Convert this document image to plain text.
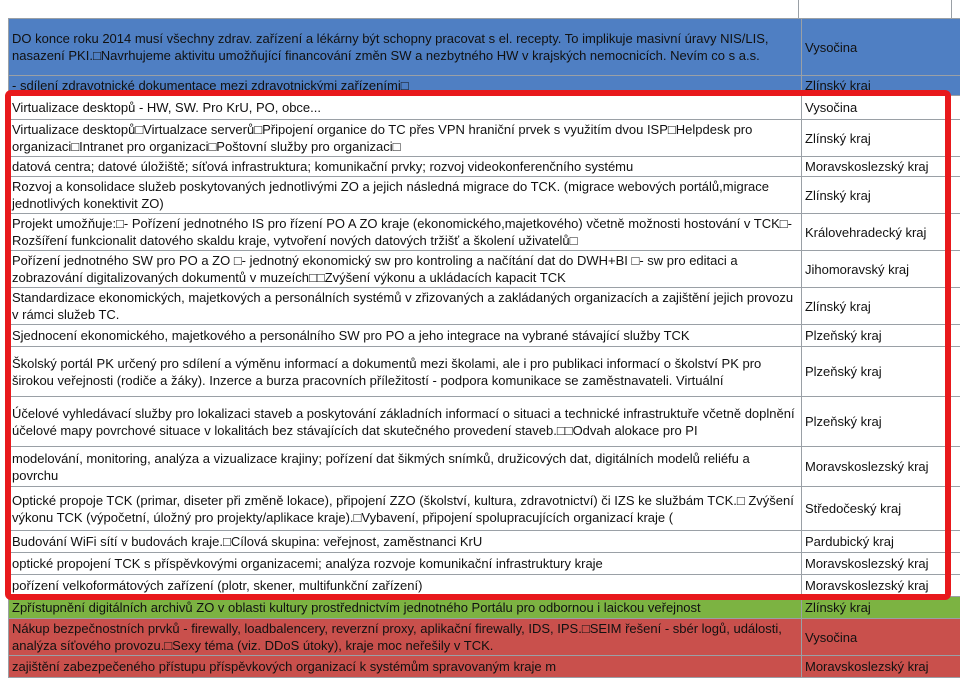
DO konce roku 2014 musí všechny zdrav. zařízení a lékárny být schopny pracovat s el. recepty. To implikuje masivní úravy NIS/LIS, nasazení PKI.□Navrhujeme aktivitu umožňující financování změn SW a nezbytného HW v krajských nemocnicích. Nevím co s a.s.	Vysočina
- sdílení zdravotnické dokumentace mezi zdravotnickými zařízeními□	Zlínský kraj
Virtualizace desktopů - HW, SW. Pro KrU, PO, obce...	Vysočina
Virtualizace desktopů□Virtualzace serverů□Připojení organice do TC přes VPN hraniční prvek s využitím dvou ISP□Helpdesk pro organizaci□Intranet pro organizaci□Poštovní služby pro organizaci□	Zlínský kraj
datová centra; datové úložiště; síťová infrastruktura; komunikační prvky; rozvoj videokonferenčního systému	Moravskoslezský kraj
Rozvoj a konsolidace služeb poskytovaných jednotlivými ZO a jejich následná migrace do TCK. (migrace webových portálů,migrace jednotlivých konektivit ZO)	Zlínský kraj
Projekt umožňuje:□- Pořízení jednotného IS pro řízení PO A ZO kraje (ekonomického,majetkového) včetně možnosti hostování v TCK□- Rozšíření funkcionalit datového skaldu kraje, vytvoření nových datových tržišť a školení uživatelů□	Královehradecký kraj
Pořízení jednotného SW pro PO a ZO □- jednotný ekonomický sw pro kontroling a načítání dat do DWH+BI □- sw pro editaci a zobrazování digitalizovaných dokumentů v muzeích□□Zvýšení výkonu a ukládacích kapacit TCK	Jihomoravský kraj
Standardizace ekonomických, majetkových a personálních systémů v zřizovaných a zakládaných organizacích a zajištění jejich provozu v rámci služeb TC.	Zlínský kraj
Sjednocení ekonomického, majetkového a personálního SW pro PO a jeho integrace na vybrané stávající služby TCK	Plzeňský kraj
Školský portál PK určený pro sdílení a výměnu informací a dokumentů mezi školami, ale i pro publikaci informací o školství PK pro širokou veřejnosti (rodiče a žáky). Inzerce a burza pracovních příležitostí - podpora komunikace se zaměstnavateli. Virtuální	Plzeňský kraj
Účelové vyhledávací služby pro lokalizaci staveb a poskytování základních informací o situaci a technické infrastruktuře včetně doplnění účelové mapy povrchové situace v lokalitách bez stávajících dat skutečného provedení staveb.□□Odvah alokace pro PI	Plzeňský kraj
modelování, monitoring, analýza a vizualizace krajiny; pořízení dat šikmých snímků, družicových dat, digitálních modelů reliéfu a povrchu	Moravskoslezský kraj
Optické propoje TCK (primar, diseter při změně lokace), připojení ZZO (školství, kultura, zdravotnictví) či IZS ke službám TCK.□ Zvýšení výkonu TCK (výpočetní, úložný pro projekty/aplikace kraje).□Vybavení, připojení spolupracujících organizací kraje (	Středočeský kraj
Budování WiFi sítí v budovách kraje.□Cílová skupina: veřejnost, zaměstnanci KrU	Pardubický kraj
optické propojení TCK s příspěvkovými organizacemi; analýza rozvoje komunikační infrastruktury kraje	Moravskoslezský kraj
pořízení velkoformátových zařízení (plotr, skener, multifunkční zařízení)	Moravskoslezský kraj
Zpřístupnění digitálních archivů ZO v oblasti kultury prostřednictvím jednotného Portálu pro odbornou i laickou veřejnost	Zlínský kraj
Nákup bezpečnostních prvků - firewally, loadbalencery, reverzní proxy, aplikační firewally, IDS, IPS.□SEIM řešení - sbér logů, události, analýza síťového provozu.□Sexy téma (viz. DDoS útoky), kraje moc neřešily v TCK.	Vysočina
zajištění zabezpečeného přístupu příspěvkových organizací k systémům spravovaným kraje m	Moravskoslezský kraj
